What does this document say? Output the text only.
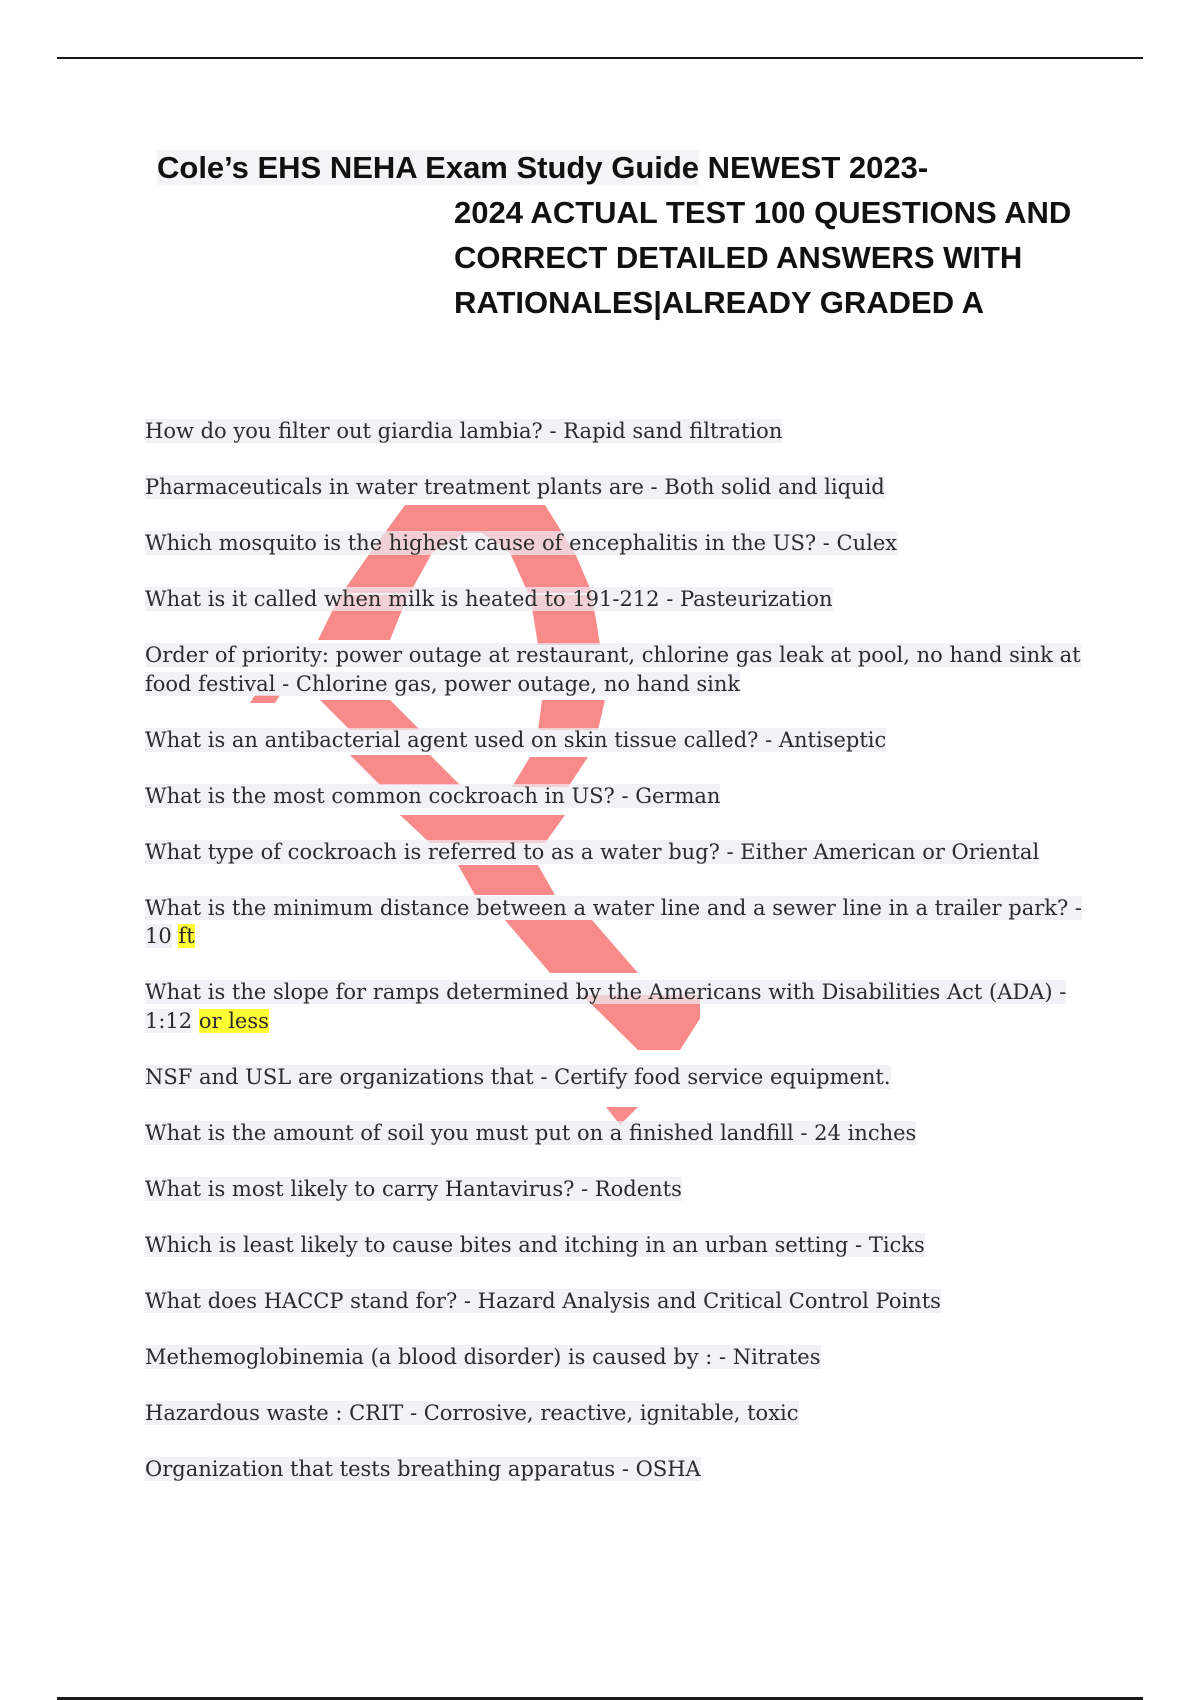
Cole’s EHS NEHA Exam Study Guide NEWEST 2023-
2024 ACTUAL TEST 100 QUESTIONS AND CORRECT DETAILED ANSWERS WITH RATIONALES|ALREADY GRADED A
How do you filter out giardia lambia? - Rapid sand filtration
Pharmaceuticals in water treatment plants are - Both solid and liquid
Which mosquito is the highest cause of encephalitis in the US? - Culex
What is it called when milk is heated to 191-212 - Pasteurization
Order of priority: power outage at restaurant, chlorine gas leak at pool, no hand sink at food festival - Chlorine gas, power outage, no hand sink
What is an antibacterial agent used on skin tissue called? - Antiseptic
What is the most common cockroach in US? - German
What type of cockroach is referred to as a water bug? - Either American or Oriental
What is the minimum distance between a water line and a sewer line in a trailer park? - 10 ft
What is the slope for ramps determined by the Americans with Disabilities Act (ADA) - 1:12 or less
NSF and USL are organizations that - Certify food service equipment.
What is the amount of soil you must put on a finished landfill - 24 inches
What is most likely to carry Hantavirus? - Rodents
Which is least likely to cause bites and itching in an urban setting - Ticks
What does HACCP stand for? - Hazard Analysis and Critical Control Points
Methemoglobinemia (a blood disorder) is caused by : - Nitrates
Hazardous waste : CRIT - Corrosive, reactive, ignitable, toxic
Organization that tests breathing apparatus - OSHA
